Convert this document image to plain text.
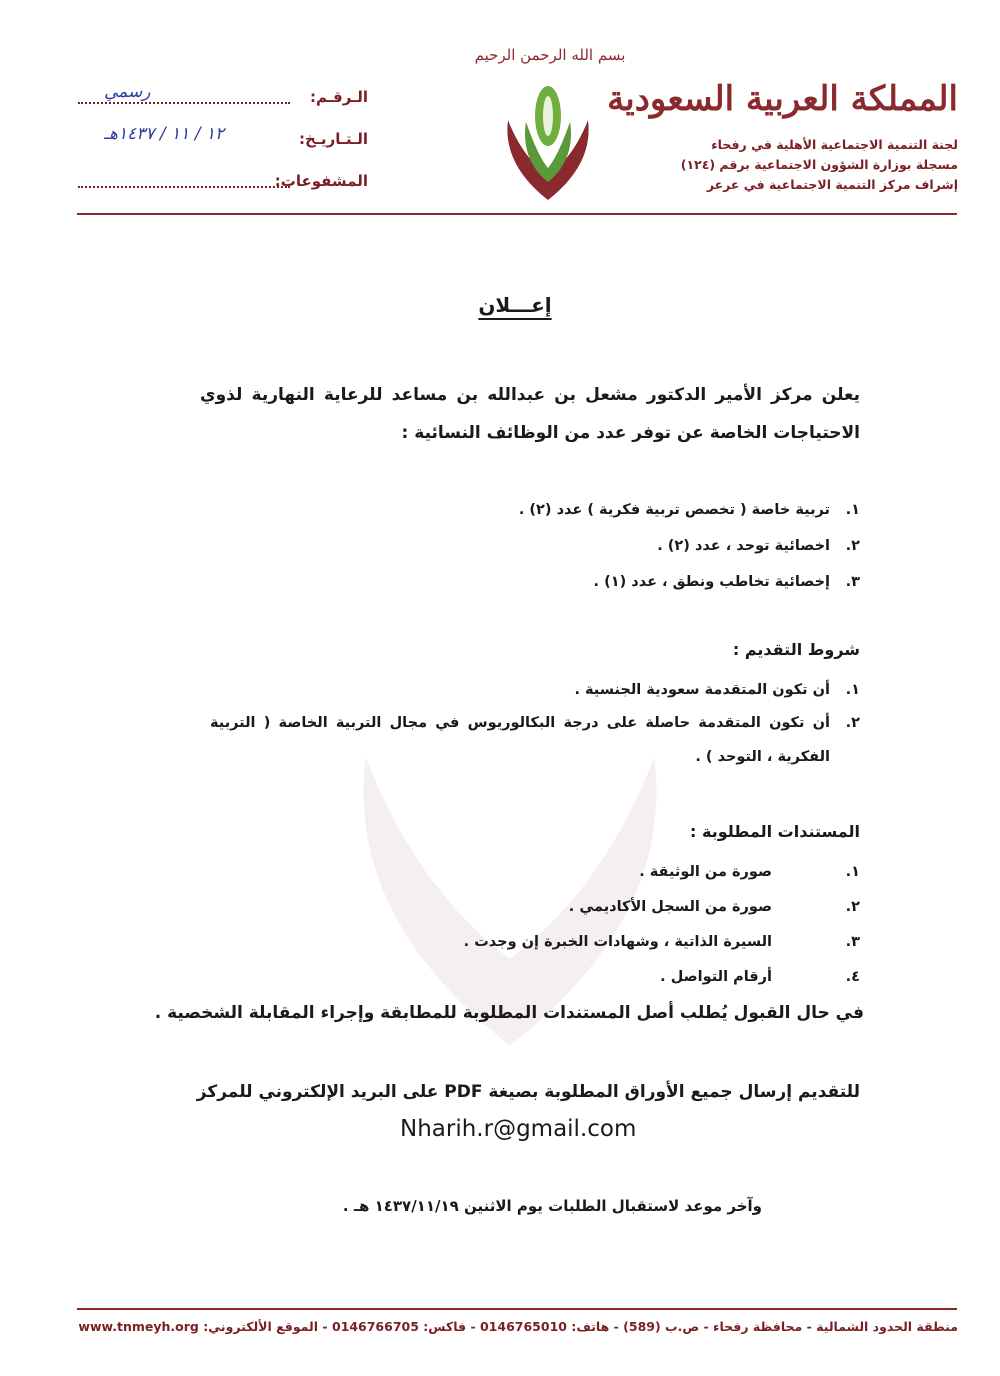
المملكة العربية السعودية
لجنة التنمية الاجتماعية الأهلية في رفحاء
مسجلة بوزارة الشؤون الاجتماعية برقم (١٢٤)
إشراف مركز التنمية الاجتماعية في عرعر
بسم الله الرحمن الرحيم
رسمي	الـرقـم:
١٢ / ١١ / ١٤٣٧هـ	الـتـاريـخ:
المشفوعات:
إعـــلان
يعلن مركز الأمير الدكتور مشعل بن عبدالله بن مساعد للرعاية النهارية لذوي الاحتياجات الخاصة عن توفر عدد من الوظائف النسائية :
١.
تربية خاصة ( تخصص تربية فكرية ) عدد (٢) .
٢.
اخصائية توحد ، عدد (٢) .
٣.
إخصائية تخاطب ونطق ، عدد (١) .
شروط التقديم :
١.
أن تكون المتقدمة سعودية الجنسية .
٢.
أن تكون المتقدمة حاصلة على درجة البكالوريوس في مجال التربية الخاصة ( التربية الفكرية ، التوحد ) .
المستندات المطلوبة :
١.
صورة من الوثيقة .
٢.
صورة من السجل الأكاديمي .
٣.
السيرة الذاتية ، وشهادات الخبرة إن وجدت .
٤.
أرقام التواصل .
في حال القبول يُطلب أصل المستندات المطلوبة للمطابقة وإجراء المقابلة الشخصية .
للتقديم إرسال جميع الأوراق المطلوبة بصيغة PDF على البريد الإلكتروني للمركز
Nharih.r@gmail.com
وآخر موعد لاستقبال الطلبات يوم الاثنين ١٤٣٧/١١/١٩ هـ .
منطقة الحدود الشمالية - محافظة رفحاء - ص.ب (589) - هاتف: 0146765010 - فاكس: 0146766705 - الموقع الألكتروني: www.tnmeyh.org
